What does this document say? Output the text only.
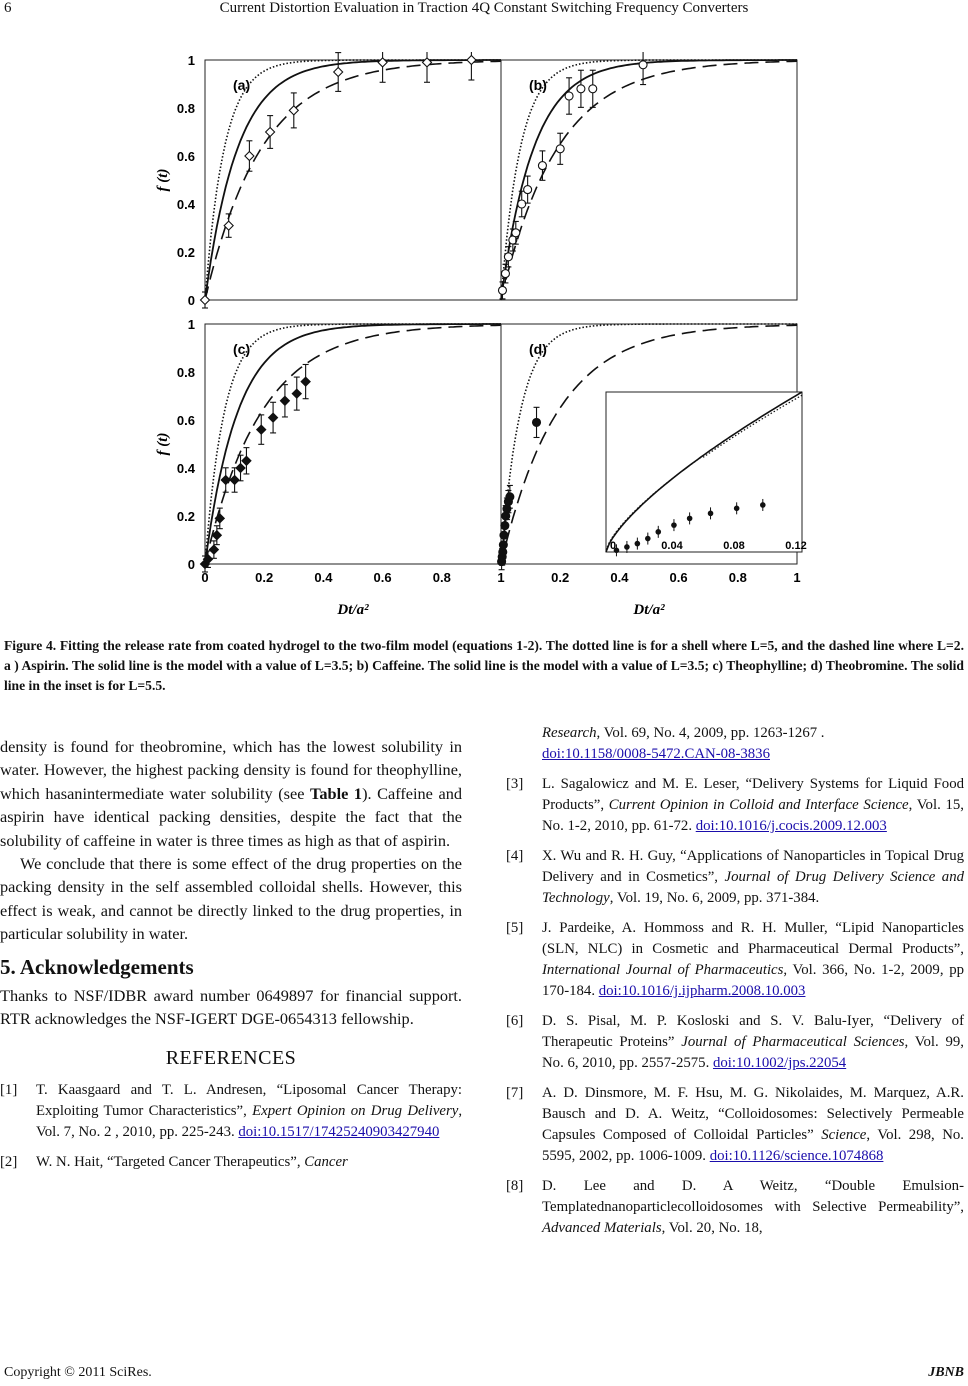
6	Current Distortion Evaluation in Traction 4Q Constant Switching Frequency Converters
(a)	(b)
(c)	(d)
0
0.2
0.4
0.6
0.8
1
f (t)
0
0.2
0.4
0.6
0.8
1
f (t)
0	0.2	0.4	0.6	0.8	1	0.2	0.4	0.6	0.8	1
Dt/a²	Dt/a²
0	0.04	0.08	0.12
Figure 4. Fitting the release rate from coated hydrogel to the two-film model (equations 1-2). The dotted line is for a shell where L=5, and the dashed line where L=2. a ) Aspirin. The solid line is the model with a value of L=3.5; b) Caffeine. The solid line is the model with a value of L=3.5; c) Theophylline; d) Theobromine. The solid line in the inset is for L=5.5.

density is found for theobromine, which has the lowest solubility in water. However, the highest packing density is found for theophylline, which hasanintermediate water solubility (see Table 1). Caffeine and aspirin have identical packing densities, despite the fact that the solubility of caffeine in water is three times as high as that of aspirin.

We conclude that there is some effect of the drug properties on the packing density in the self assembled colloidal shells. However, this effect is weak, and cannot be directly linked to the drug properties, in particular solubility in water.

5. Acknowledgements

Thanks to NSF/IDBR award number 0649897 for financial support. RTR acknowledges the NSF-IGERT DGE-0654313 fellowship.

REFERENCES
[1]	T. Kaasgaard and T. L. Andresen, “Liposomal Cancer Therapy: Exploiting Tumor Characteristics”, Expert Opinion on Drug Delivery, Vol. 7, No. 2 , 2010, pp. 225-243. doi:10.1517/17425240903427940
[2]	W. N. Hait, “Targeted Cancer Therapeutics”, Cancer
Research, Vol. 69, No. 4, 2009, pp. 1263-1267 .
doi:10.1158/0008-5472.CAN-08-3836
[3]	L. Sagalowicz and M. E. Leser, “Delivery Systems for Liquid Food Products”, Current Opinion in Colloid and Interface Science, Vol. 15, No. 1-2, 2010, pp. 61-72. doi:10.1016/j.cocis.2009.12.003
[4]	X. Wu and R. H. Guy, “Applications of Nanoparticles in Topical Drug Delivery and in Cosmetics”, Journal of Drug Delivery Science and Technology, Vol. 19, No. 6, 2009, pp. 371-384.
[5]	J. Pardeike, A. Hommoss and R. H. Muller, “Lipid Nanoparticles (SLN, NLC) in Cosmetic and Pharmaceutical Dermal Products”, International Journal of Pharmaceutics, Vol. 366, No. 1-2, 2009, pp 170-184. doi:10.1016/j.ijpharm.2008.10.003
[6]	D. S. Pisal, M. P. Kosloski and S. V. Balu-Iyer, “Delivery of Therapeutic Proteins” Journal of Pharmaceutical Sciences, Vol. 99, No. 6, 2010, pp. 2557-2575. doi:10.1002/jps.22054
[7]	A. D. Dinsmore, M. F. Hsu, M. G. Nikolaides, M. Marquez, A.R. Bausch and D. A. Weitz, “Colloidosomes: Selectively Permeable Capsules Composed of Colloidal Particles” Science, Vol. 298, No. 5595, 2002, pp. 1006-1009. doi:10.1126/science.1074868
[8]	D. Lee and D. A Weitz, “Double Emulsion-Templatednanoparticlecolloidosomes with Selective Permeability”, Advanced Materials, Vol. 20, No. 18,
Copyright © 2011 SciRes.	JBNB
